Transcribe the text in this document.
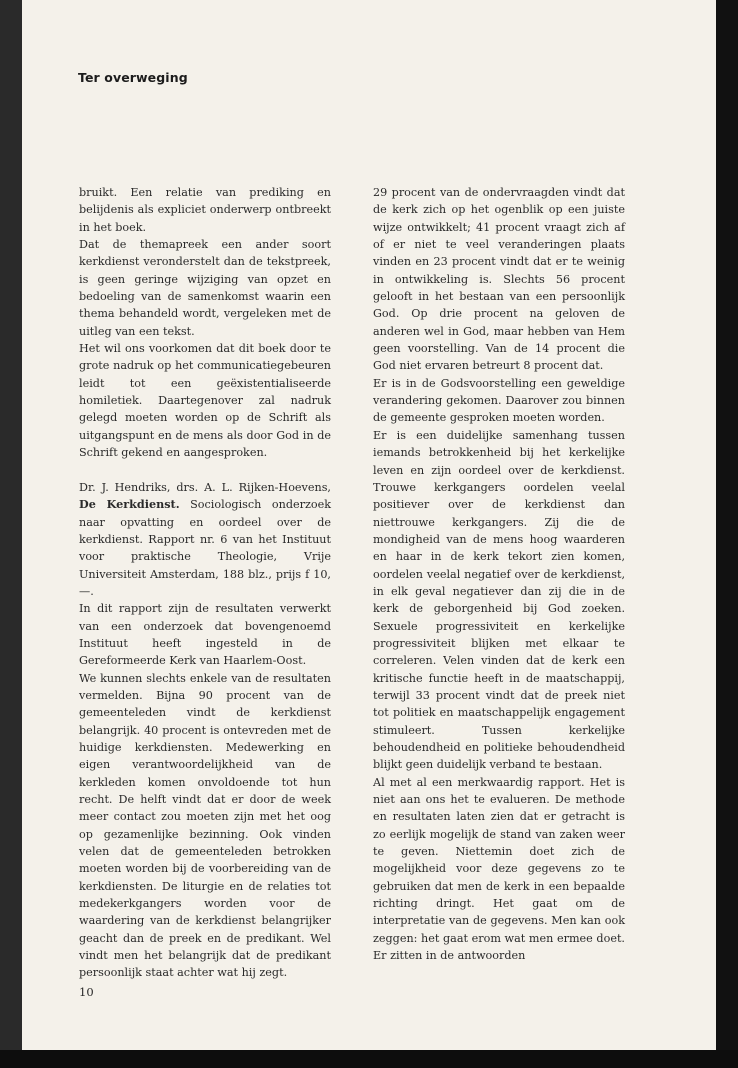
Ter overweging

bruikt. Een relatie van prediking en belijdenis als expliciet onderwerp ontbreekt in het boek.

Dat de themapreek een ander soort kerkdienst veronderstelt dan de tekstpreek, is geen geringe wijziging van opzet en bedoeling van de samenkomst waarin een thema behandeld wordt, vergeleken met de uitleg van een tekst.

Het wil ons voorkomen dat dit boek door te grote nadruk op het communicatiegebeuren leidt tot een geëxistentialiseerde homiletiek. Daartegenover zal nadruk gelegd moeten worden op de Schrift als uitgangspunt en de mens als door God in de Schrift gekend en aangesproken.

Dr. J. Hendriks, drs. A. L. Rijken-Hoevens, De Kerkdienst. Sociologisch onderzoek naar opvatting en oordeel over de kerkdienst. Rapport nr. 6 van het Instituut voor praktische Theologie, Vrije Universiteit Amsterdam, 188 blz., prijs f 10,—.

In dit rapport zijn de resultaten verwerkt van een onderzoek dat bovengenoemd Instituut heeft ingesteld in de Gereformeerde Kerk van Haarlem-Oost.

We kunnen slechts enkele van de resultaten vermelden. Bijna 90 procent van de gemeenteleden vindt de kerkdienst belangrijk. 40 procent is ontevreden met de huidige kerkdiensten. Medewerking en eigen verantwoordelijkheid van de kerkleden komen onvoldoende tot hun recht. De helft vindt dat er door de week meer contact zou moeten zijn met het oog op gezamenlijke bezinning. Ook vinden velen dat de gemeenteleden betrokken moeten worden bij de voorbereiding van de kerkdiensten. De liturgie en de relaties tot medekerkgangers worden voor de waardering van de kerkdienst belangrijker geacht dan de preek en de predikant. Wel vindt men het belangrijk dat de predikant persoonlijk staat achter wat hij zegt.

29 procent van de ondervraagden vindt dat de kerk zich op het ogenblik op een juiste wijze ontwikkelt; 41 procent vraagt zich af of er niet te veel veranderingen plaats vinden en 23 procent vindt dat er te weinig in ontwikkeling is. Slechts 56 procent gelooft in het bestaan van een persoonlijk God. Op drie procent na geloven de anderen wel in God, maar hebben van Hem geen voorstelling. Van de 14 procent die God niet ervaren betreurt 8 procent dat.

Er is in de Godsvoorstelling een geweldige verandering gekomen. Daarover zou binnen de gemeente gesproken moeten worden.

Er is een duidelijke samenhang tussen iemands betrokkenheid bij het kerkelijke leven en zijn oordeel over de kerkdienst. Trouwe kerkgangers oordelen veelal positiever over de kerkdienst dan niettrouwe kerkgangers. Zij die de mondigheid van de mens hoog waarderen en haar in de kerk tekort zien komen, oordelen veelal negatief over de kerkdienst, in elk geval negatiever dan zij die in de kerk de geborgenheid bij God zoeken. Sexuele progressiviteit en kerkelijke progressiviteit blijken met elkaar te correleren. Velen vinden dat de kerk een kritische functie heeft in de maatschappij, terwijl 33 procent vindt dat de preek niet tot politiek en maatschappelijk engagement stimuleert. Tussen kerkelijke behoudendheid en politieke behoudendheid blijkt geen duidelijk verband te bestaan.

Al met al een merkwaardig rapport. Het is niet aan ons het te evalueren. De methode en resultaten laten zien dat er getracht is zo eerlijk mogelijk de stand van zaken weer te geven. Niettemin doet zich de mogelijkheid voor deze gegevens zo te gebruiken dat men de kerk in een bepaalde richting dringt. Het gaat om de interpretatie van de gegevens. Men kan ook zeggen: het gaat erom wat men ermee doet. Er zitten in de antwoorden

10
